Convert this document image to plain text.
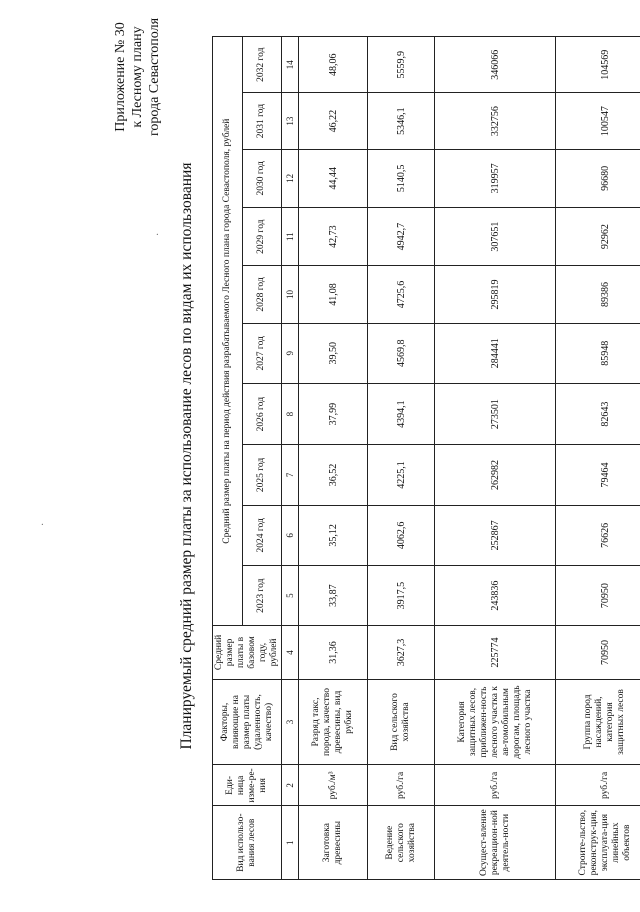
Приложение № 30 к Лесному плану города Севастополя
Планируемый средний размер платы за использование лесов по видам их использования
·
·
Вид использо-вания лесов	Еди-ница изме-ре-ния	Факторы, влияющие на размер платы (удаленность, качество)	Средний размер платы в базовом году, рублей	Средний размер платы на период действия разрабатываемого Лесного плана города Севастополя, рублей									
				2023 год	2024 год	2025 год	2026 год	2027 год	2028 год	2029 год	2030 год	2031 год	2032 год
1	2	3	4	5	6	7	8	9	10	11	12	13	14
Заготовка древесины	руб./м³	Разряд такс, порода, качество древесины, вид рубки	31,36	33,87	35,12	36,52	37,99	39,50	41,08	42,73	44,44	46,22	48,06
Ведение сельского хозяйства	руб./га	Вид сельского хозяйства	3627,3	3917,5	4062,6	4225,1	4394,1	4569,8	4725,6	4942,7	5140,5	5346,1	5559,9
Осущест-вление рекреацион-ной деятель-ности	руб./га	Категория защитных лесов, приближен-ность лесного участка к ав-томобильным дорогам, площадь лесного участка	225774	243836	252867	262982	273501	284441	295819	307651	319957	332756	346066
Строите-льство, реконструк-ция, эксплуата-ция линейных объектов	руб./га	Группа пород насаждений, категория защитных лесов	70950	70950	76626	79464	82643	85948	89386	92962	96680	100547	104569
